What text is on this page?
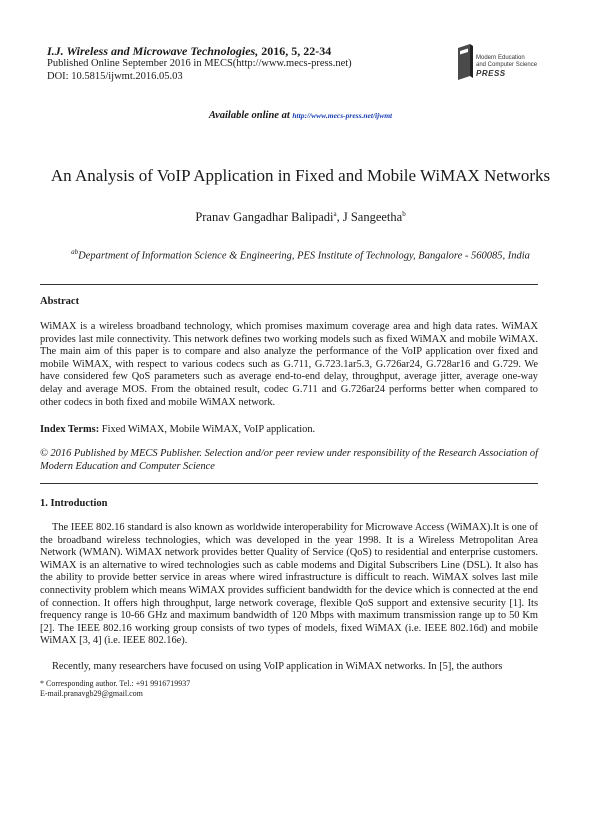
I.J. Wireless and Microwave Technologies, 2016, 5, 22-34
Published Online September 2016 in MECS(http://www.mecs-press.net)
DOI: 10.5815/ijwmt.2016.05.03
Modern Education
and Computer Science
PRESS
Available online at http://www.mecs-press.net/ijwmt
An Analysis of VoIP Application in Fixed and Mobile WiMAX Networks
Pranav Gangadhar Balipadi$^a$, J Sangeetha$^b$
$^{ab}$Department of Information Science & Engineering, PES Institute of Technology, Bangalore - 560085, India
Abstract
WiMAX is a wireless broadband technology, which promises maximum coverage area and high data rates. WiMAX provides last mile connectivity. This network defines two working models such as fixed WiMAX and mobile WiMAX. The main aim of this paper is to compare and also analyze the performance of the VoIP application over fixed and mobile WiMAX, with respect to various codecs such as G.711, G.723.1ar5.3, G.726ar24, G.728ar16 and G.729. We have considered few QoS parameters such as average end-to-end delay, throughput, average jitter, average one-way delay and average MOS. From the obtained result, codec G.711 and G.726ar24 performs better when compared to other codecs in both fixed and mobile WiMAX network.
Index Terms: Fixed WiMAX, Mobile WiMAX, VoIP application.
© 2016 Published by MECS Publisher. Selection and/or peer review under responsibility of the Research Association of Modern Education and Computer Science
1. Introduction
The IEEE 802.16 standard is also known as worldwide interoperability for Microwave Access (WiMAX).It is one of the broadband wireless technologies, which was developed in the year 1998. It is a Wireless Metropolitan Area Network (WMAN). WiMAX network provides better Quality of Service (QoS) to residential and enterprise customers. WiMAX is an alternative to wired technologies such as cable modems and Digital Subscribers Line (DSL). It also has the ability to provide better service in areas where wired infrastructure is difficult to reach. WiMAX solves last mile connectivity problem which means WiMAX provides sufficient bandwidth for the device which is connected at the end of connection. It offers high throughput, large network coverage, flexible QoS support and extensive security [1]. Its frequency range is 10-66 GHz and maximum bandwidth of 120 Mbps with maximum transmission range up to 50 Km [2]. The IEEE 802.16 working group consists of two types of models, fixed WiMAX (i.e. IEEE 802.16d) and mobile WiMAX [3, 4] (i.e. IEEE 802.16e).
Recently, many researchers have focused on using VoIP application in WiMAX networks. In [5], the authors
* Corresponding author. Tel.: +91 9916719937
E-mail.pranavgb29@gmail.com
